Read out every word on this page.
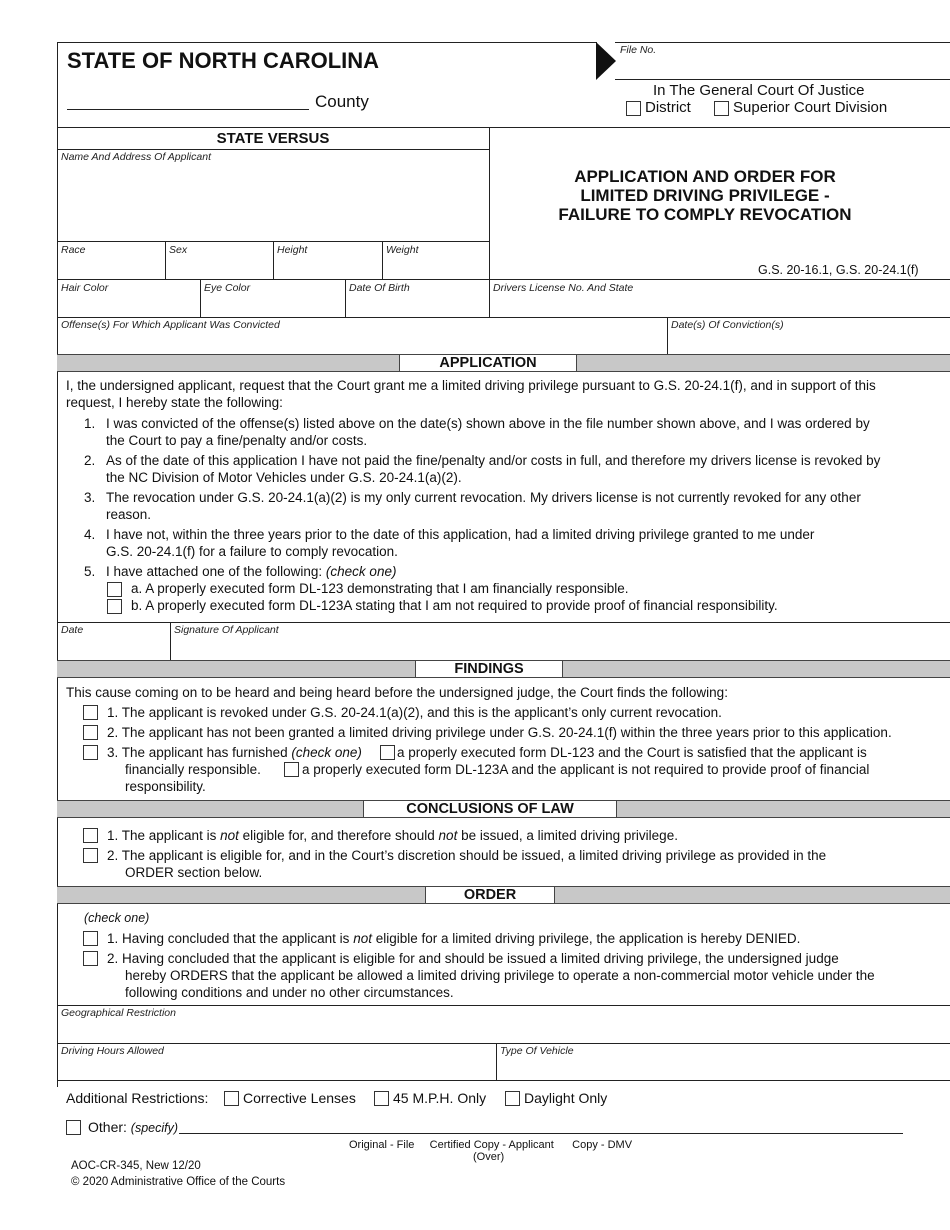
STATE OF NORTH CAROLINA
County
File No.
In The General Court Of Justice
District	Superior Court Division
STATE VERSUS
Name And Address Of Applicant
APPLICATION AND ORDER FOR
LIMITED DRIVING PRIVILEGE -
FAILURE TO COMPLY REVOCATION
G.S. 20-16.1, G.S. 20-24.1(f)
Race	Sex	Height	Weight
Hair Color	Eye Color	Date Of Birth	Drivers License No. And State
Offense(s) For Which Applicant Was Convicted	Date(s) Of Conviction(s)
APPLICATION
I, the undersigned applicant, request that the Court grant me a limited driving privilege pursuant to G.S. 20-24.1(f), and in support of this
request, I hereby state the following:
1. I was convicted of the offense(s) listed above on the date(s) shown above in the file number shown above, and I was ordered by
the Court to pay a fine/penalty and/or costs.
2. As of the date of this application I have not paid the fine/penalty and/or costs in full, and therefore my drivers license is revoked by
the NC Division of Motor Vehicles under G.S. 20-24.1(a)(2).
3. The revocation under G.S. 20-24.1(a)(2) is my only current revocation. My drivers license is not currently revoked for any other
reason.
4. I have not, within the three years prior to the date of this application, had a limited driving privilege granted to me under
G.S. 20-24.1(f) for a failure to comply revocation.
5. I have attached one of the following: (check one)
a. A properly executed form DL-123 demonstrating that I am financially responsible.
b. A properly executed form DL-123A stating that I am not required to provide proof of financial responsibility.
Date	Signature Of Applicant
FINDINGS
This cause coming on to be heard and being heard before the undersigned judge, the Court finds the following:
1. The applicant is revoked under G.S. 20-24.1(a)(2), and this is the applicant’s only current revocation.
2. The applicant has not been granted a limited driving privilege under G.S. 20-24.1(f) within the three years prior to this application.
3. The applicant has furnished (check one)	a properly executed form DL-123 and the Court is satisfied that the applicant is
financially responsible.	a properly executed form DL-123A and the applicant is not required to provide proof of financial
responsibility.
CONCLUSIONS OF LAW
1. The applicant is not eligible for, and therefore should not be issued, a limited driving privilege.
2. The applicant is eligible for, and in the Court’s discretion should be issued, a limited driving privilege as provided in the
ORDER section below.
ORDER
(check one)
1. Having concluded that the applicant is not eligible for a limited driving privilege, the application is hereby DENIED.
2. Having concluded that the applicant is eligible for and should be issued a limited driving privilege, the undersigned judge
hereby ORDERS that the applicant be allowed a limited driving privilege to operate a non-commercial motor vehicle under the
following conditions and under no other circumstances.
Geographical Restriction
Driving Hours Allowed	Type Of Vehicle
Additional Restrictions: Corrective Lenses	45 M.P.H. Only	Daylight Only
Other: (specify)
Original - File     Certified Copy - Applicant      Copy - DMV
(Over)
AOC-CR-345, New 12/20
© 2020 Administrative Office of the Courts
